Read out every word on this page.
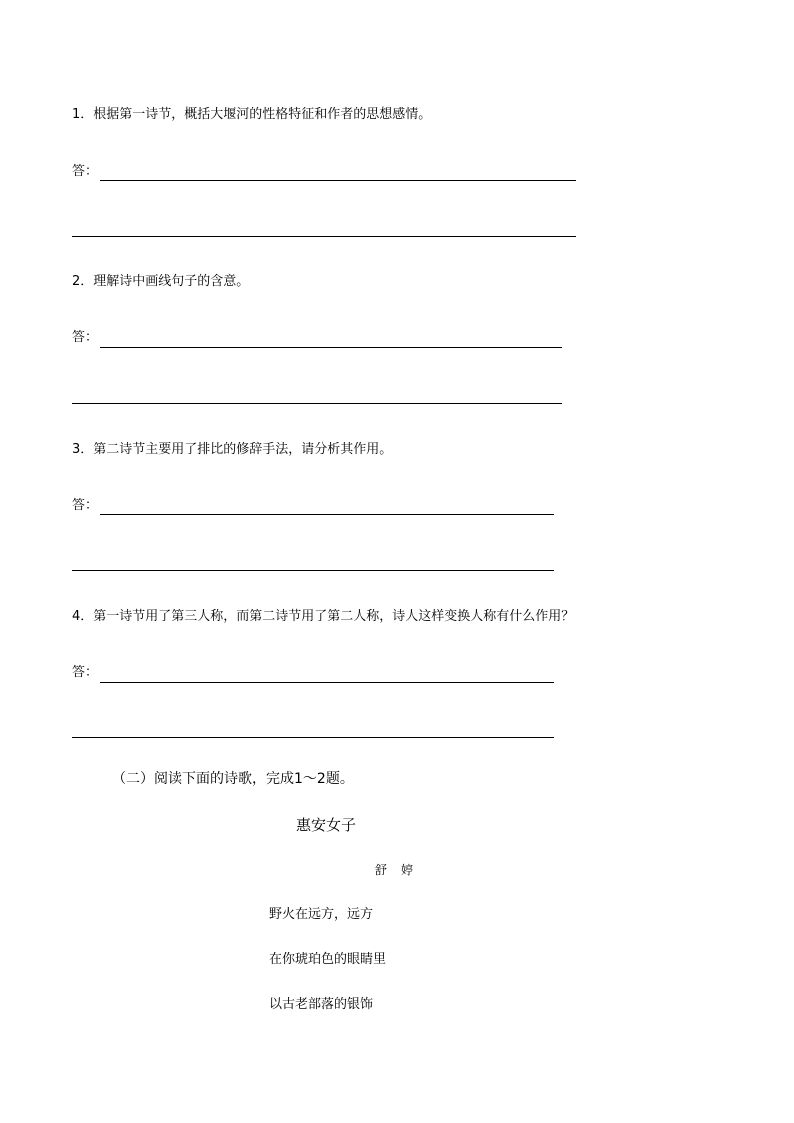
1．根据第一诗节，概括大堰河的性格特征和作者的思想感情。
答：
2．理解诗中画线句子的含意。
答：
3．第二诗节主要用了排比的修辞手法，请分析其作用。
答：
4．第一诗节用了第三人称，而第二诗节用了第二人称，诗人这样变换人称有什么作用？
答：
（二）阅读下面的诗歌，完成1～2题。
惠安女子
舒婷
野火在远方，远方
在你琥珀色的眼睛里
以古老部落的银饰
